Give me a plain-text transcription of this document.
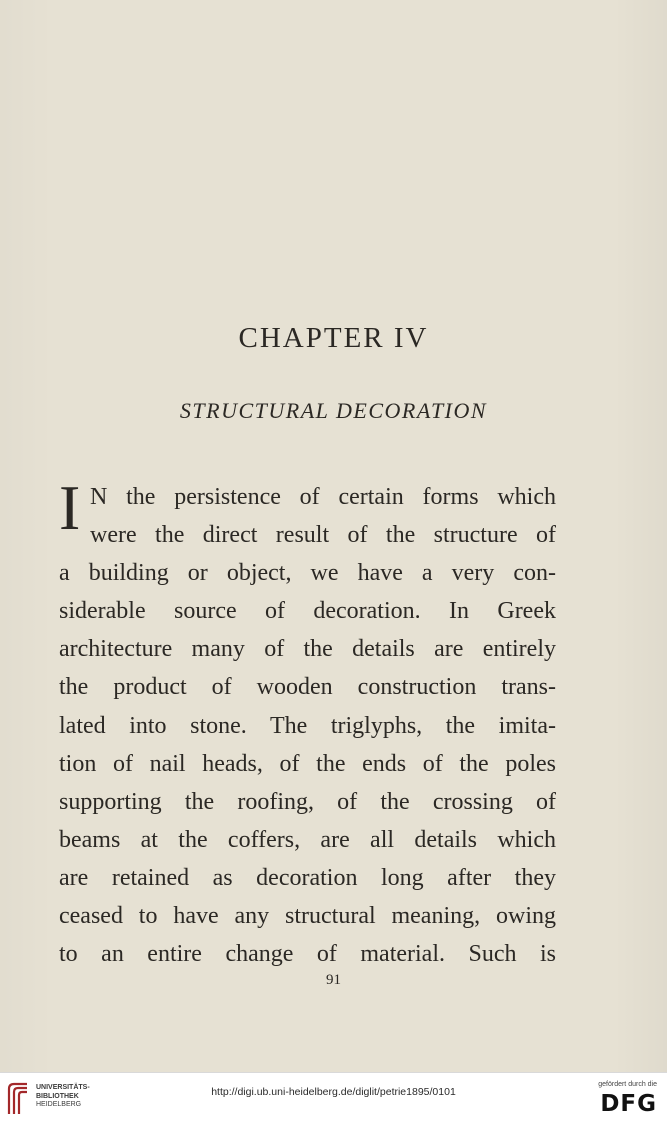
CHAPTER IV
STRUCTURAL DECORATION
I N the persistence of certain forms which
were the direct result of the structure of
a building or object, we have a very con-
siderable source of decoration. In Greek
architecture many of the details are entirely
the product of wooden construction trans-
lated into stone. The triglyphs, the imita-
tion of nail heads, of the ends of the poles
supporting the roofing, of the crossing of
beams at the coffers, are all details which
are retained as decoration long after they
ceased to have any structural meaning, owing
to an entire change of material. Such is
91
UNIVERSITÄTS-
BIBLIOTHEK
HEIDELBERG
http://digi.ub.uni-heidelberg.de/diglit/petrie1895/0101
gefördert durch die
DFG
